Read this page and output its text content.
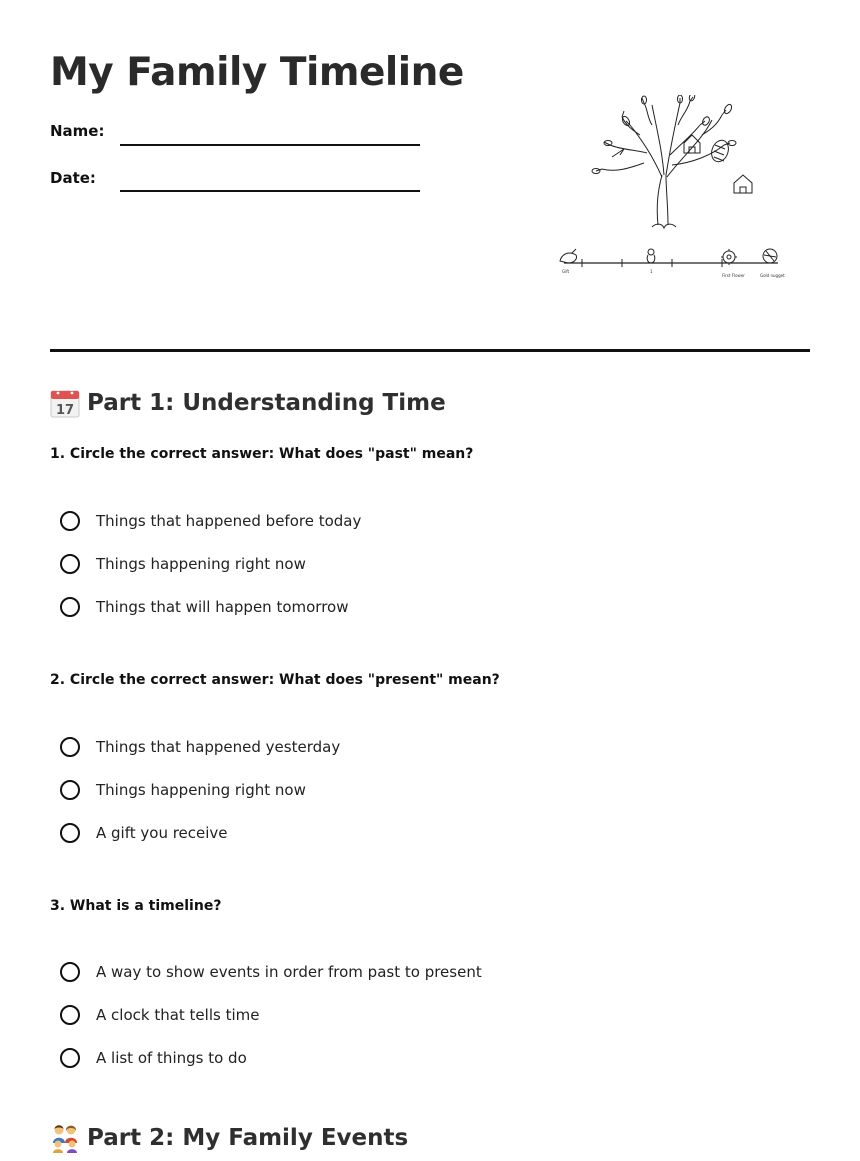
My Family Timeline
Name:
Date:
Gift	1
First Flower	Gold nugget
17 Part 1: Understanding Time
1. Circle the correct answer: What does "past" mean?
Things that happened before today
Things happening right now
Things that will happen tomorrow
2. Circle the correct answer: What does "present" mean?
Things that happened yesterday
Things happening right now
A gift you receive
3. What is a timeline?
A way to show events in order from past to present
A clock that tells time
A list of things to do
Part 2: My Family Events
